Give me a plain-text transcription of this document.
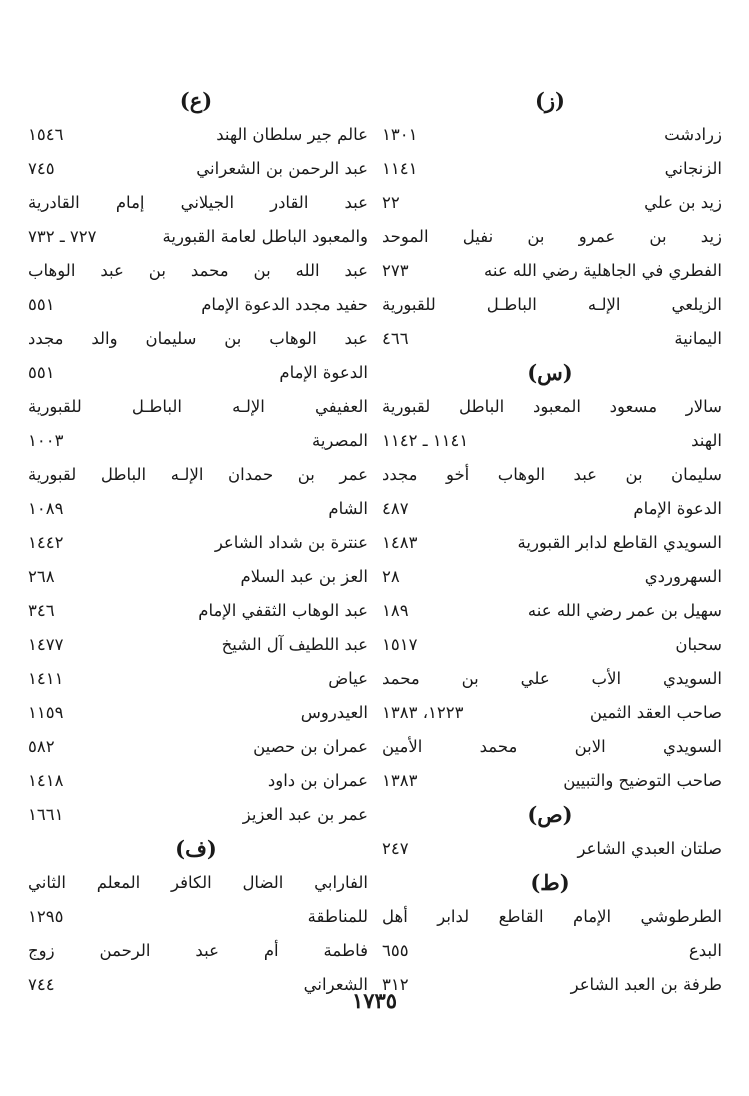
(ز)
زرادشت
١٣٠١
الزنجاني
١١٤١
زيد بن علي
٢٢
زيد بن عمرو بن نفيل الموحد
الفطري في الجاهلية رضي الله عنه
٢٧٣
الزيلعي الإلـه الباطـل للقبورية
اليمانية
٤٦٦
(س)
سالار مسعود المعبود الباطل لقبورية
الهند
١١٤١ ـ ١١٤٢
سليمان بن عبد الوهاب أخو مجدد
الدعوة الإمام
٤٨٧
السويدي القاطع لدابر القبورية
١٤٨٣
السهروردي
٢٨
سهيل بن عمر رضي الله عنه
١٨٩
سحبان
١٥١٧
السويدي الأب علي بن محمد
صاحب العقد الثمين
١٢٢٣، ١٣٨٣
السويدي الابن محمد الأمين
صاحب التوضيح والتبيين
١٣٨٣
(ص)
صلتان العبدي الشاعر
٢٤٧
(ط)
الطرطوشي الإمام القاطع لدابر أهل
البدع
٦٥٥
طرفة بن العبد الشاعر
٣١٢
(ع)
عالم جير سلطان الهند
١٥٤٦
عبد الرحمن بن الشعراني
٧٤٥
عبد القادر الجيلاني إمام القادرية
والمعبود الباطل لعامة القبورية
٧٢٧ ـ ٧٣٢
عبد الله بن محمد بن عبد الوهاب
حفيد مجدد الدعوة الإمام
٥٥١
عبد الوهاب بن سليمان والد مجدد
الدعوة الإمام
٥٥١
العفيفي الإلـه الباطـل للقبورية
المصرية
١٠٠٣
عمر بن حمدان الإلـه الباطل لقبورية
الشام
١٠٨٩
عنترة بن شداد الشاعر
١٤٤٢
العز بن عبد السلام
٢٦٨
عبد الوهاب الثقفي الإمام
٣٤٦
عبد اللطيف آل الشيخ
١٤٧٧
عياض
١٤١١
العيدروس
١١٥٩
عمران بن حصين
٥٨٢
عمران بن داود
١٤١٨
عمر بن عبد العزيز
١٦٦١
(ف)
الفارابي الضال الكافر المعلم الثاني
للمناطقة
١٢٩٥
فاطمة أم عبد الرحمن زوج
الشعراني
٧٤٤
١٧٣٥
